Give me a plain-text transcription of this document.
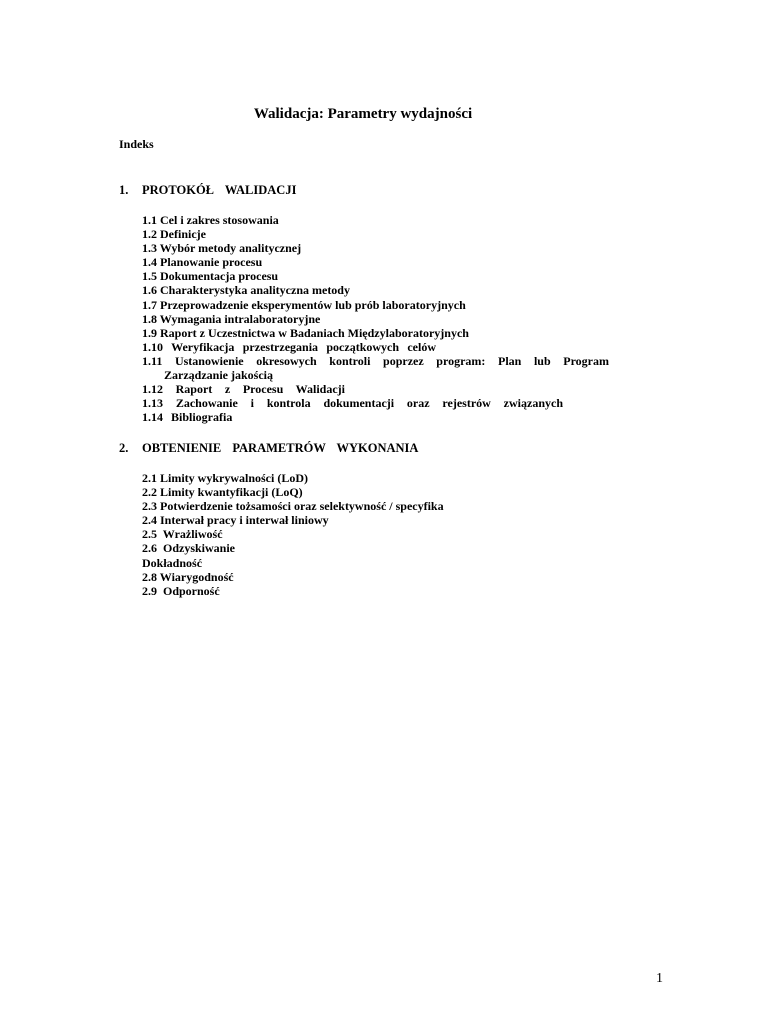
Walidacja: Parametry wydajności

Indeks

1. PROTOKÓŁ WALIDACJI

1.1 Cel i zakres stosowania
1.2 Definicje
1.3 Wybór metody analitycznej
1.4 Planowanie procesu
1.5 Dokumentacja procesu
1.6 Charakterystyka analityczna metody
1.7 Przeprowadzenie eksperymentów lub prób laboratoryjnych
1.8 Wymagania intralaboratoryjne
1.9 Raport z Uczestnictwa w Badaniach Międzylaboratoryjnych
1.10 Weryfikacja przestrzegania początkowych celów
1.11 Ustanowienie okresowych kontroli poprzez program: Plan lub Program
Zarządzanie jakością
1.12 Raport z Procesu Walidacji
1.13 Zachowanie i kontrola dokumentacji oraz rejestrów związanych
1.14 Bibliografia

2. OBTENIENIE PARAMETRÓW WYKONANIA

2.1 Limity wykrywalności (LoD)
2.2 Limity kwantyfikacji (LoQ)
2.3 Potwierdzenie tożsamości oraz selektywność / specyfika
2.4 Interwał pracy i interwał liniowy
2.5 Wrażliwość
2.6 Odzyskiwanie
Dokładność
2.8 Wiarygodność
2.9 Odporność

1
